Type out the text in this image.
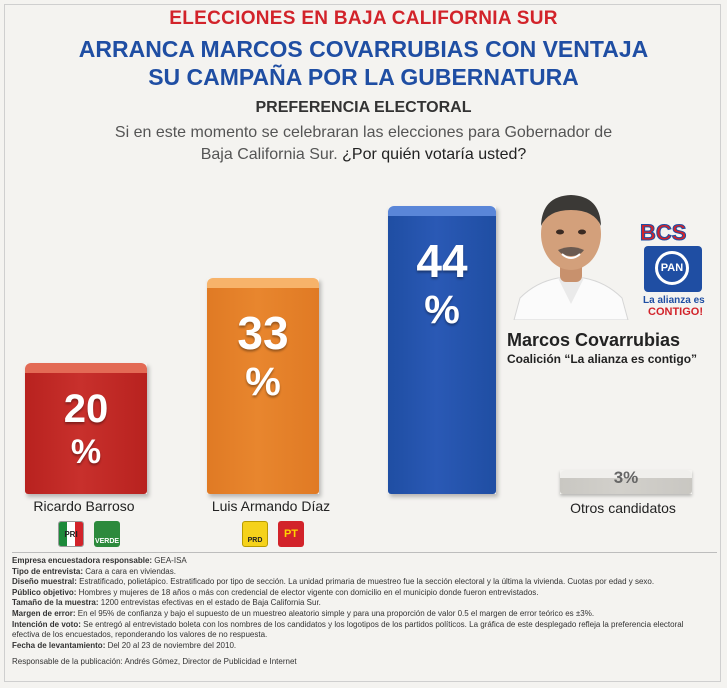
ELECCIONES EN BAJA CALIFORNIA SUR

ARRANCA MARCOS COVARRUBIAS CON VENTAJA

SU CAMPAÑA POR LA GUBERNATURA

PREFERENCIA ELECTORAL

Si en este momento se celebraran las elecciones para Gobernador de

Baja California Sur. ¿Por quién votaría usted?

20
%
33
%
44
%
3%
Ricardo Barroso	Luis Armando Díaz	Otros candidatos
PRI
VERDE	PRD
PT
BCS
PAN
La alianza es
CONTIGO!
Marcos Covarrubias
Coalición “La alianza es contigo”
Empresa encuestadora responsable: GEA-ISA
Tipo de entrevista: Cara a cara en viviendas.
Diseño muestral: Estratificado, polietápico. Estratificado por tipo de sección. La unidad primaria de muestreo fue la sección electoral y la última la vivienda. Cuotas por edad y sexo.
Público objetivo: Hombres y mujeres de 18 años o más con credencial de elector vigente con domicilio en el municipio donde fueron entrevistados.
Tamaño de la muestra: 1200 entrevistas efectivas en el estado de Baja California Sur.
Margen de error: En el 95% de confianza y bajo el supuesto de un muestreo aleatorio simple y para una proporción de valor 0.5 el margen de error teórico es ±3%.
Intención de voto: Se entregó al entrevistado boleta con los nombres de los candidatos y los logotipos de los partidos políticos. La gráfica de este desplegado refleja la preferencia electoral
efectiva de los encuestados, reponderando los valores de no respuesta.
Fecha de levantamiento: Del 20 al 23 de noviembre del 2010.
Responsable de la publicación: Andrés Gómez, Director de Publicidad e Internet
